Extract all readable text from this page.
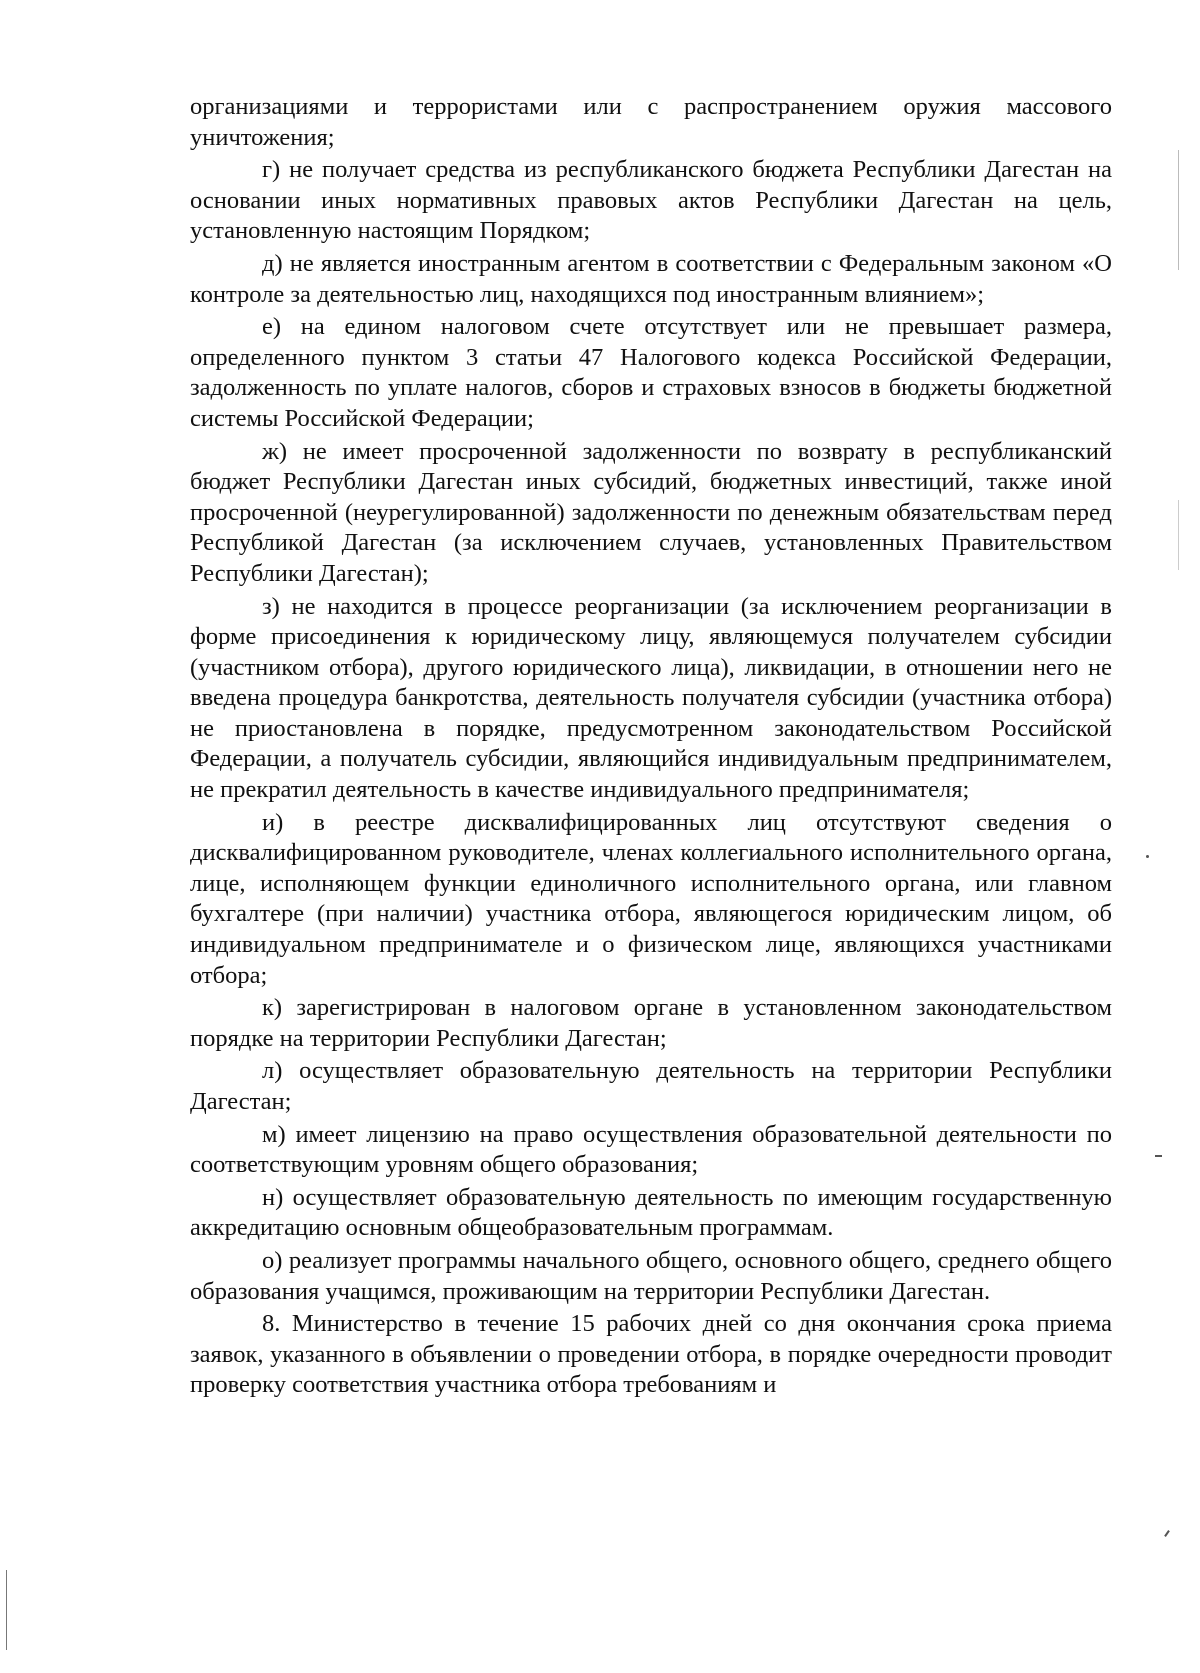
организациями и террористами или с распространением оружия массового уничтожения;

г) не получает средства из республиканского бюджета Республики Дагестан на основании иных нормативных правовых актов Республики Дагестан на цель, установленную настоящим Порядком;

д) не является иностранным агентом в соответствии с Федеральным законом «О контроле за деятельностью лиц, находящихся под иностранным влиянием»;

е) на едином налоговом счете отсутствует или не превышает размера, определенного пунктом 3 статьи 47 Налогового кодекса Российской Федерации, задолженность по уплате налогов, сборов и страховых взносов в бюджеты бюджетной системы Российской Федерации;

ж) не имеет просроченной задолженности по возврату в республиканский бюджет Республики Дагестан иных субсидий, бюджетных инвестиций, также иной просроченной (неурегулированной) задолженности по денежным обязательствам перед Республикой Дагестан (за исключением случаев, установленных Правительством Республики Дагестан);

з) не находится в процессе реорганизации (за исключением реорганизации в форме присоединения к юридическому лицу, являющемуся получателем субсидии (участником отбора), другого юридического лица), ликвидации, в отношении него не введена процедура банкротства, деятельность получателя субсидии (участника отбора) не приостановлена в порядке, предусмотренном законодательством Российской Федерации, а получатель субсидии, являющийся индивидуальным предпринимателем, не прекратил деятельность в качестве индивидуального предпринимателя;

и) в реестре дисквалифицированных лиц отсутствуют сведения о дисквалифицированном руководителе, членах коллегиального исполнительного органа, лице, исполняющем функции единоличного исполнительного органа, или главном бухгалтере (при наличии) участника отбора, являющегося юридическим лицом, об индивидуальном предпринимателе и о физическом лице, являющихся участниками отбора;

к) зарегистрирован в налоговом органе в установленном законодательством порядке на территории Республики Дагестан;

л) осуществляет образовательную деятельность на территории Республики Дагестан;

м) имеет лицензию на право осуществления образовательной деятельности по соответствующим уровням общего образования;

н) осуществляет образовательную деятельность по имеющим государственную аккредитацию основным общеобразовательным программам.

о) реализует программы начального общего, основного общего, среднего общего образования учащимся, проживающим на территории Республики Дагестан.

8. Министерство в течение 15 рабочих дней со дня окончания срока приема заявок, указанного в объявлении о проведении отбора, в порядке очередности проводит проверку соответствия участника отбора требованиям и
